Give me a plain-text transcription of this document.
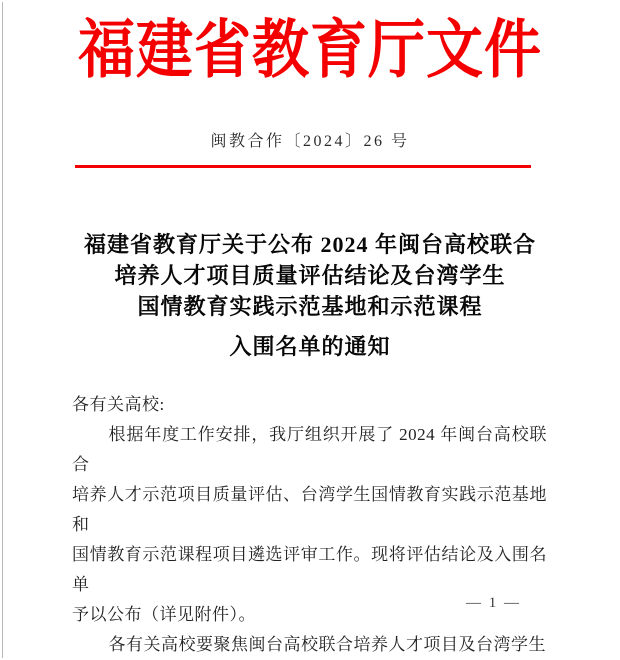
福建省教育厅文件
闽教合作〔2024〕26 号
福建省教育厅关于公布 2024 年闽台高校联合
培养人才项目质量评估结论及台湾学生
国情教育实践示范基地和示范课程
入围名单的通知
各有关高校:
根据年度工作安排，我厅组织开展了 2024 年闽台高校联合
培养人才示范项目质量评估、台湾学生国情教育实践示范基地和
国情教育示范课程项目遴选评审工作。现将评估结论及入围名单
予以公布（详见附件）。
各有关高校要聚焦闽台高校联合培养人才项目及台湾学生
— 1 —
